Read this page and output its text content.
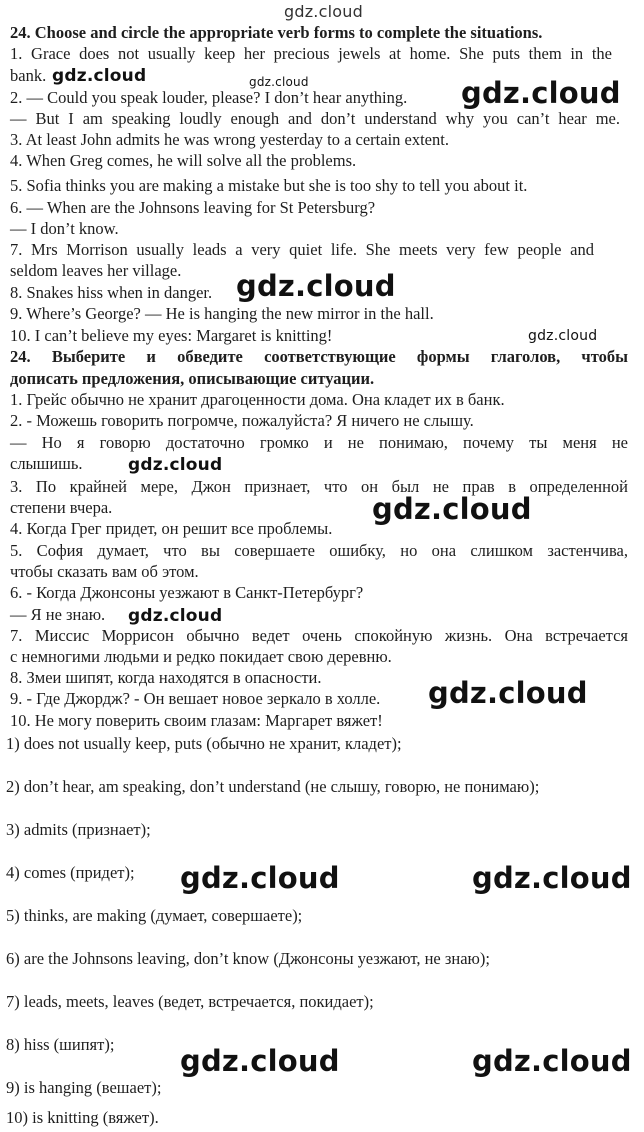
24. Choose and circle the appropriate verb forms to complete the situations.
1. Grace does not usually keep her precious jewels at home. She puts them in the
bank.
2. — Could you speak louder, please? I don’t hear anything.
— But I am speaking loudly enough and don’t understand why you can’t hear me.
3. At least John admits he was wrong yesterday to a certain extent.
4. When Greg comes, he will solve all the problems.
5. Sofia thinks you are making a mistake but she is too shy to tell you about it.
6. — When are the Johnsons leaving for St Petersburg?
— I don’t know.
7. Mrs Morrison usually leads a very quiet life. She meets very few people and
seldom leaves her village.
8. Snakes hiss when in danger.
9. Where’s George? — He is hanging the new mirror in the hall.
10. I can’t believe my eyes: Margaret is knitting!
24. Выберите и обведите соответствующие формы глаголов, чтобы
дописать предложения, описывающие ситуации.
1. Грейс обычно не хранит драгоценности дома. Она кладет их в банк.
2. - Можешь говорить погромче, пожалуйста? Я ничего не слышу.
— Но я говорю достаточно громко и не понимаю, почему ты меня не
слышишь.
3. По крайней мере, Джон признает, что он был не прав в определенной
степени вчера.
4. Когда Грег придет, он решит все проблемы.
5. София думает, что вы совершаете ошибку, но она слишком застенчива,
чтобы сказать вам об этом.
6. - Когда Джонсоны уезжают в Санкт-Петербург?
— Я не знаю.
7. Миссис Моррисон обычно ведет очень спокойную жизнь. Она встречается
с немногими людьми и редко покидает свою деревню.
8. Змеи шипят, когда находятся в опасности.
9. - Где Джордж? - Он вешает новое зеркало в холле.
10. Не могу поверить своим глазам: Маргарет вяжет!
1) does not usually keep, puts (обычно не хранит, кладет);
2) don’t hear, am speaking, don’t understand (не слышу, говорю, не понимаю);
3) admits (признает);
4) comes (придет);
5) thinks, are making (думает, совершаете);
6) are the Johnsons leaving, don’t know (Джонсоны уезжают, не знаю);
7) leads, meets, leaves (ведет, встречается, покидает);
8) hiss (шипят);
9) is hanging (вешает);
10) is knitting (вяжет).
gdz.cloud
gdz.cloud	gdz.cloud	gdz.cloud
gdz.cloud
gdz.cloud
gdz.cloud
gdz.cloud
gdz.cloud
gdz.cloud
gdz.cloud	gdz.cloud
gdz.cloud	gdz.cloud
